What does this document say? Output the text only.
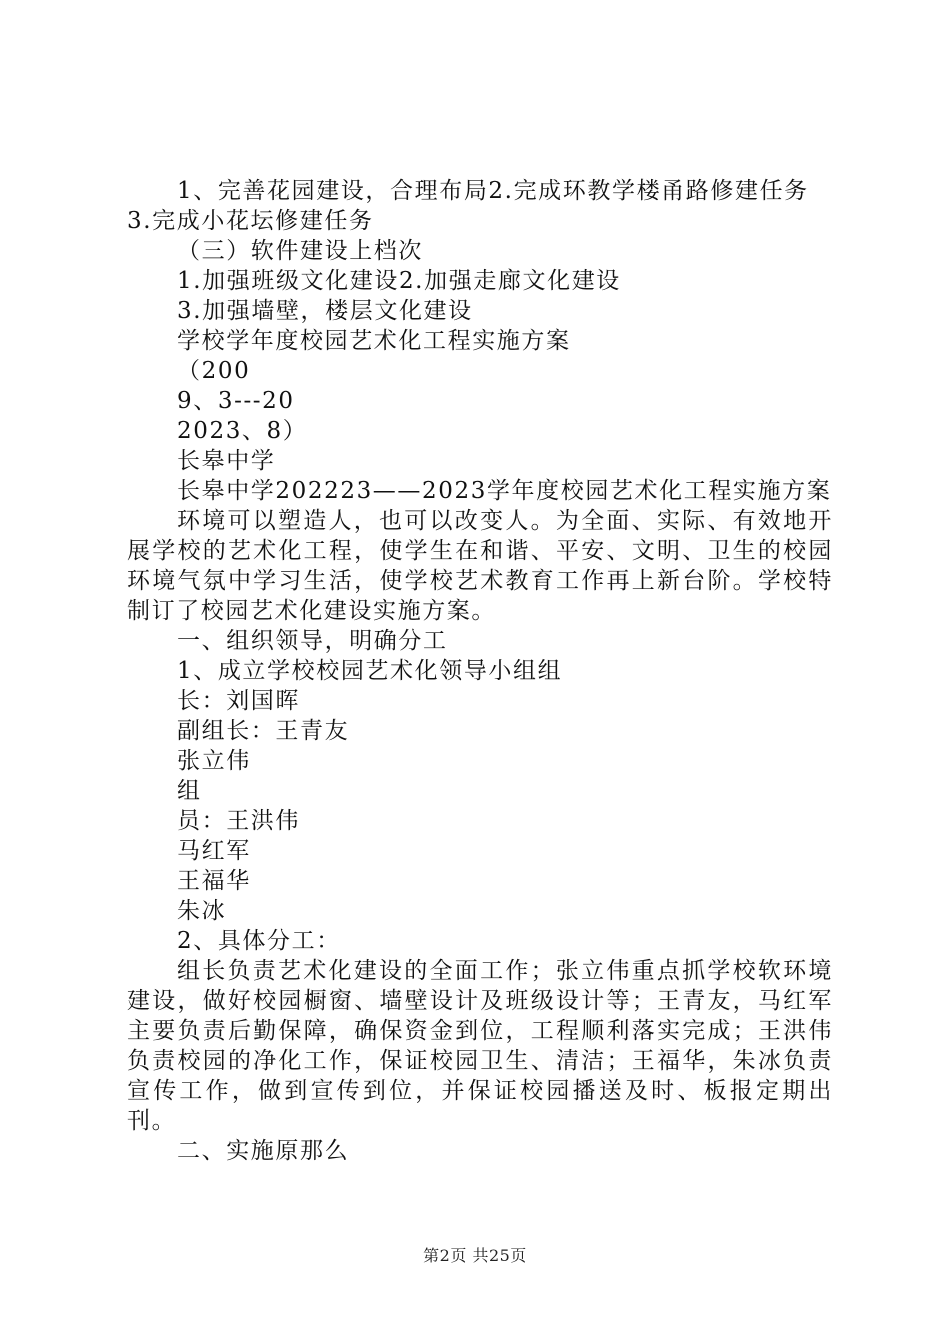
1、完善花园建设，合理布局2.完成环教学楼甬路修建任务
3.完成小花坛修建任务
（三）软件建设上档次
1.加强班级文化建设2.加强走廊文化建设
3.加强墙壁，楼层文化建设
学校学年度校园艺术化工程实施方案
（200
9、3---20
2023、8）
长皋中学
长皋中学202223——2023学年度校园艺术化工程实施方案
环境可以塑造人，也可以改变人。为全面、实际、有效地开展学校的艺术化工程，使学生在和谐、平安、文明、卫生的校园环境气氛中学习生活，使学校艺术教育工作再上新台阶。学校特制订了校园艺术化建设实施方案。
一、组织领导，明确分工
1、成立学校校园艺术化领导小组组
长：刘国晖
副组长：王青友
张立伟
组
员：王洪伟
马红军
王福华
朱冰
2、具体分工：
组长负责艺术化建设的全面工作；张立伟重点抓学校软环境建设，做好校园橱窗、墙壁设计及班级设计等；王青友，马红军主要负责后勤保障，确保资金到位，工程顺利落实完成；王洪伟负责校园的净化工作，保证校园卫生、清洁；王福华，朱冰负责宣传工作，做到宣传到位，并保证校园播送及时、板报定期出刊。
二、实施原那么
第2页 共25页
